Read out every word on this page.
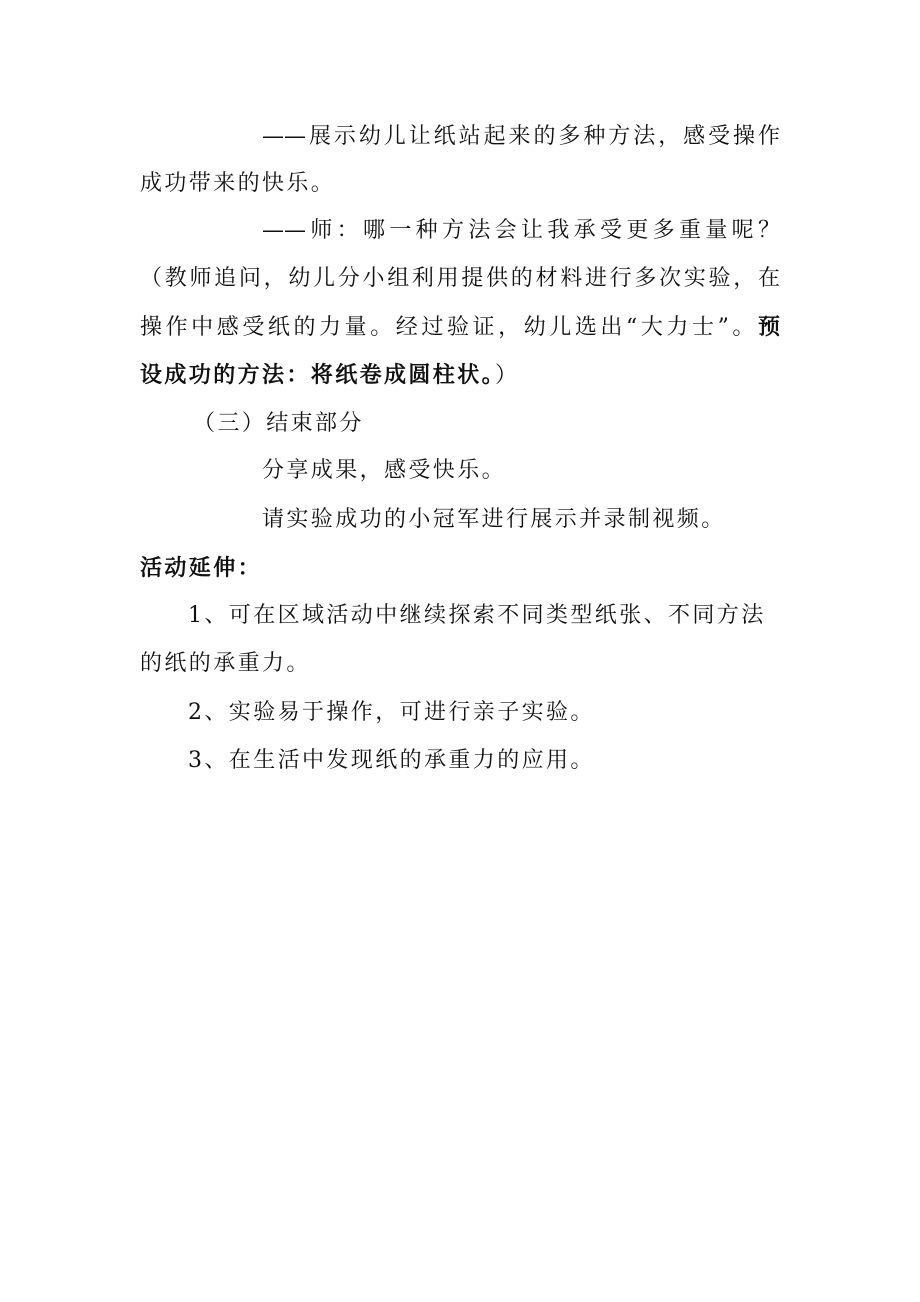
——展示幼儿让纸站起来的多种方法，感受操作
成功带来的快乐。
——师：哪一种方法会让我承受更多重量呢？
（教师追问，幼儿分小组利用提供的材料进行多次实验，在
操作中感受纸的力量。经过验证，幼儿选出“大力士”。预
设成功的方法：将纸卷成圆柱状。）
（三）结束部分
分享成果，感受快乐。
请实验成功的小冠军进行展示并录制视频。
活动延伸：
1、可在区域活动中继续探索不同类型纸张、不同方法
的纸的承重力。
2、实验易于操作，可进行亲子实验。
3、在生活中发现纸的承重力的应用。
